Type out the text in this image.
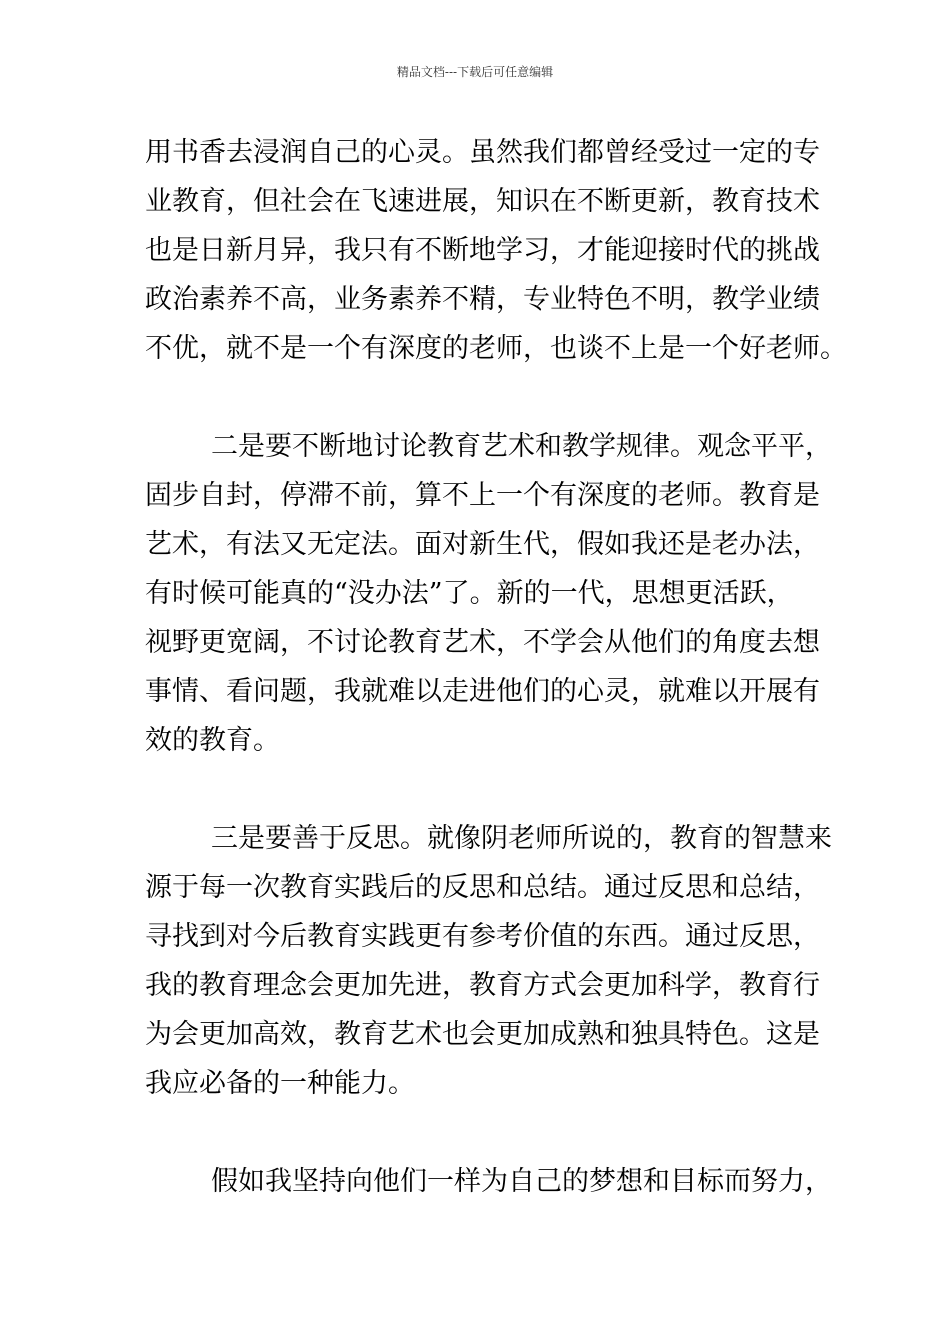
精品文档---下载后可任意编辑

用书香去浸润自己的心灵。虽然我们都曾经受过一定的专
业教育，但社会在飞速进展，知识在不断更新，教育技术
也是日新月异，我只有不断地学习，才能迎接时代的挑战
政治素养不高，业务素养不精，专业特色不明，教学业绩
不优，就不是一个有深度的老师，也谈不上是一个好老师。

二是要不断地讨论教育艺术和教学规律。观念平平，
固步自封，停滞不前，算不上一个有深度的老师。教育是
艺术，有法又无定法。面对新生代，假如我还是老办法，
有时候可能真的“没办法”了。新的一代，思想更活跃，
视野更宽阔，不讨论教育艺术，不学会从他们的角度去想
事情、看问题，我就难以走进他们的心灵，就难以开展有
效的教育。

三是要善于反思。就像阴老师所说的，教育的智慧来
源于每一次教育实践后的反思和总结。通过反思和总结，
寻找到对今后教育实践更有参考价值的东西。通过反思，
我的教育理念会更加先进，教育方式会更加科学，教育行
为会更加高效，教育艺术也会更加成熟和独具特色。这是
我应必备的一种能力。

假如我坚持向他们一样为自己的梦想和目标而努力，
